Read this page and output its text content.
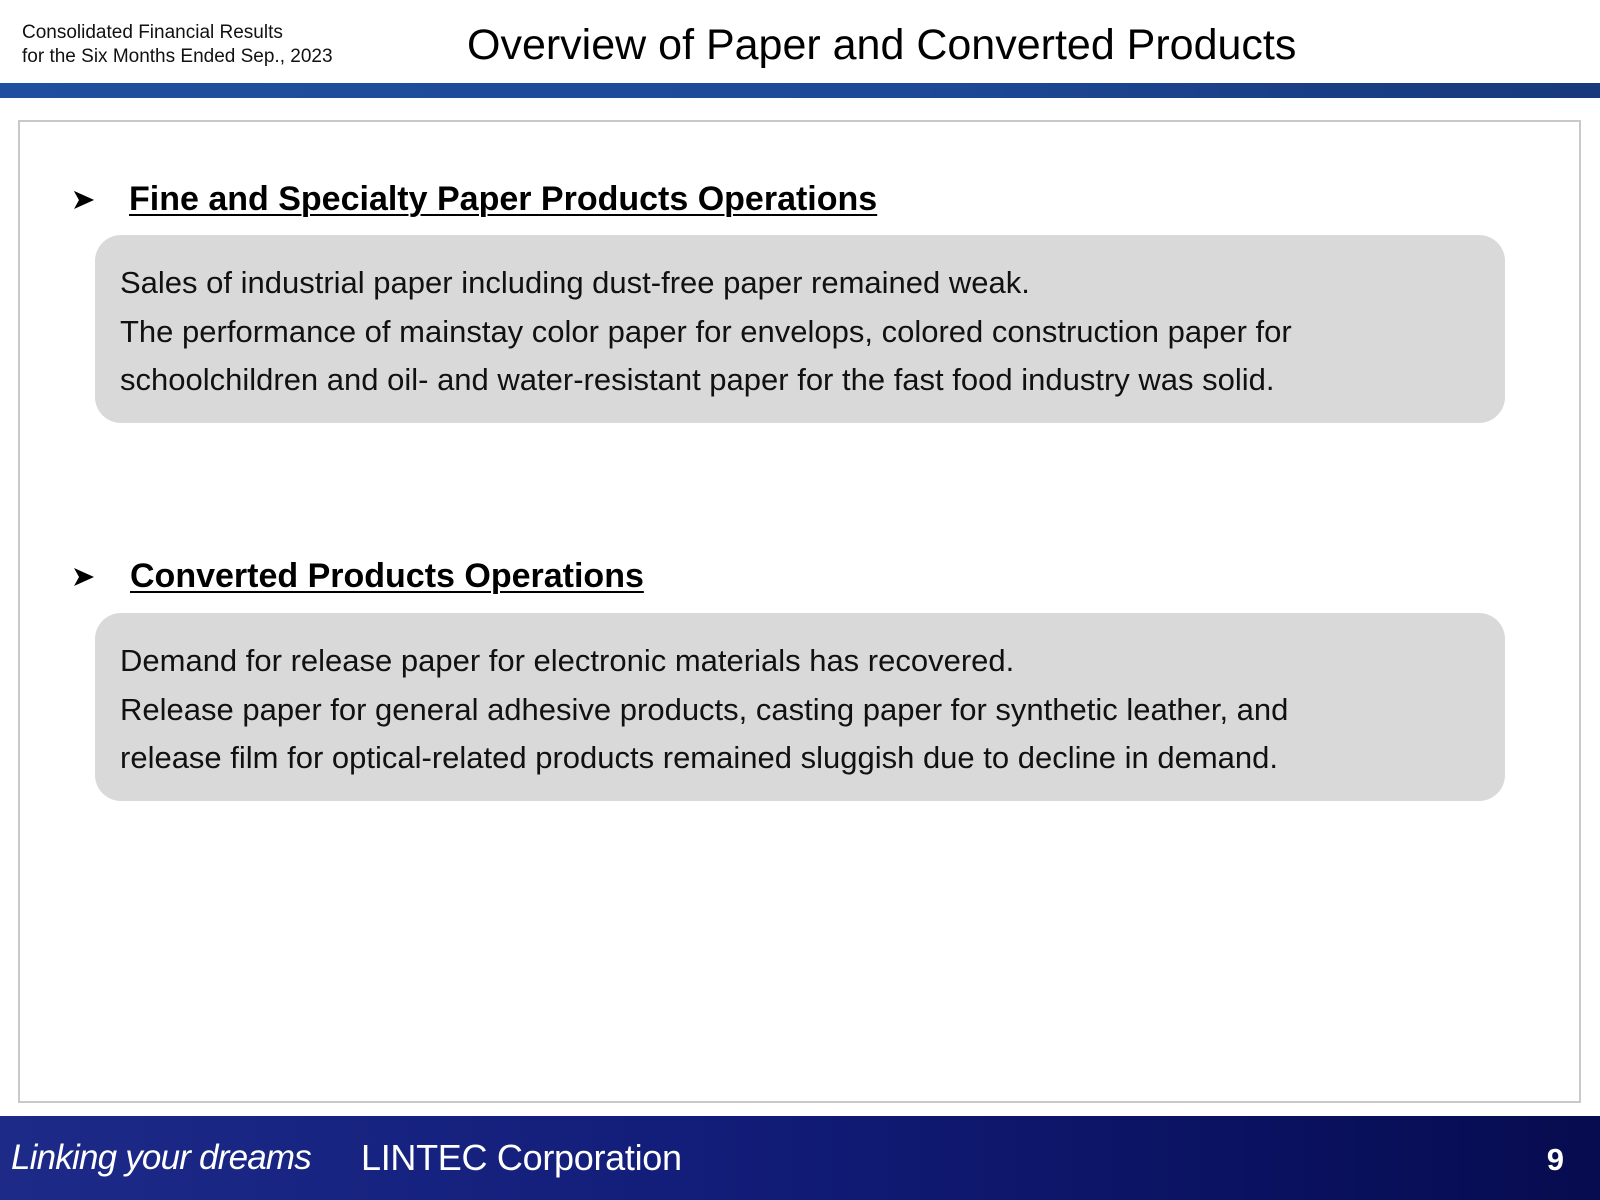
Consolidated Financial Results
for the Six Months Ended Sep., 2023	Overview of Paper and Converted Products
Fine and Specialty Paper Products Operations
Sales of industrial paper including dust-free paper remained weak.
The performance of mainstay color paper for envelops, colored construction paper for
schoolchildren and oil- and water-resistant paper for the fast food industry was solid.
Converted Products Operations
Demand for release paper for electronic materials has recovered.
Release paper for general adhesive products, casting paper for synthetic leather, and
release film for optical-related products remained sluggish due to decline in demand.
Linking your dreams LINTEC Corporation	9
